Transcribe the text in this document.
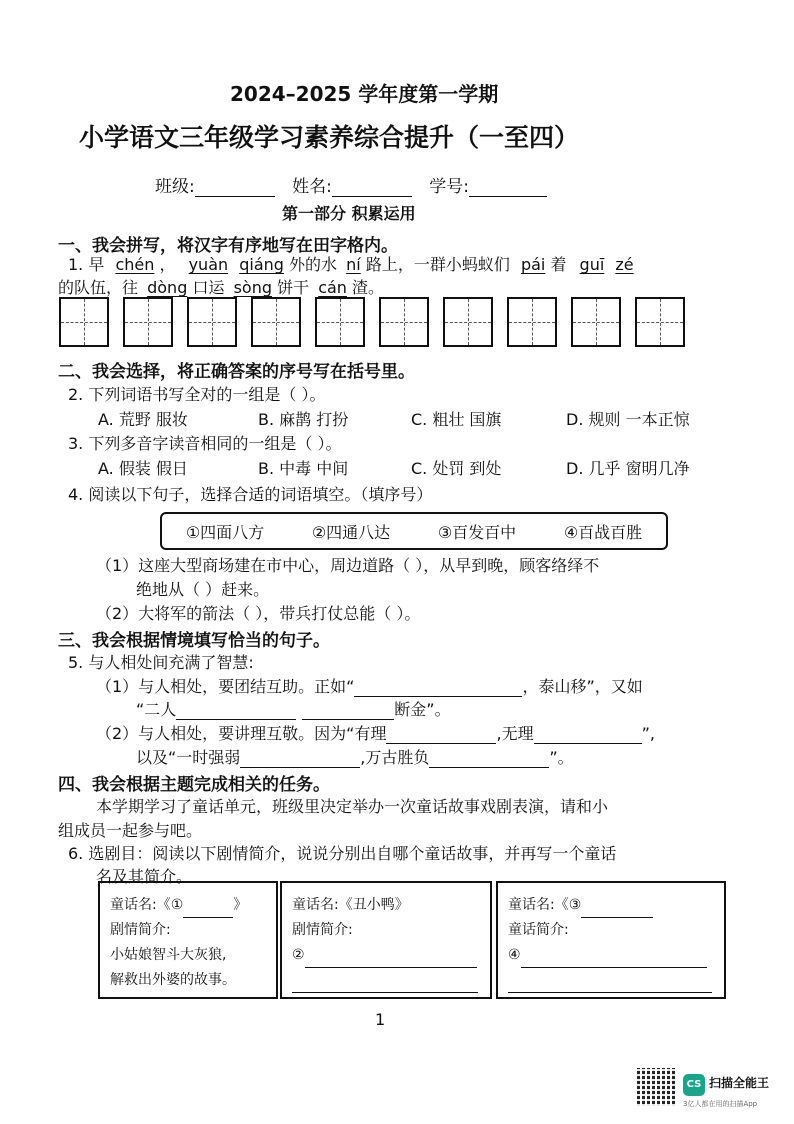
2024–2025 学年度第一学期
小学语文三年级学习素养综合提升（一至四）
班级:	姓名:	学号:
第一部分 积累运用
一、我会拼写，将汉字有序地写在田字格内。
1. 早 chén ， yuàn qiáng 外的水 ní 路上，一群小蚂蚁们 pái 着 guī zé
的队伍，往 dòng 口运 sòng 饼干 cán 渣。
二、我会选择，将正确答案的序号写在括号里。
2. 下列词语书写全对的一组是（ ）。
A. 荒野 服妆	B. 麻鹊 打扮	C. 粗壮 国旗	D. 规则 一本正惊
3. 下列多音字读音相同的一组是（ ）。
A. 假装 假日	B. 中毒 中间	C. 处罚 到处	D. 几乎 窗明几净
4. 阅读以下句子，选择合适的词语填空。（填序号）
①四面八方	②四通八达	③百发百中	④百战百胜
（1）这座大型商场建在市中心，周边道路（ ），从早到晚，顾客络绎不
绝地从（ ）赶来。
（2）大将军的箭法（ ），带兵打仗总能（ ）。
三、我会根据情境填写恰当的句子。
5. 与人相处间充满了智慧:
（1）与人相处，要团结互助。正如“	，泰山移”，又如
“二人	断金”。
（2）与人相处，要讲理互敬。因为“有理	,无理	”,
以及“一时强弱	,万古胜负	”。
四、我会根据主题完成相关的任务。
本学期学习了童话单元，班级里决定举办一次童话故事戏剧表演，请和小
组成员一起参与吧。
6. 选剧目：阅读以下剧情简介，说说分别出自哪个童话故事，并再写一个童话
名及其简介。
童话名:《①	》
剧情简介:
小姑娘智斗大灰狼,
解救出外婆的故事。
童话名:《丑小鸭》
剧情简介:
②
童话名:《③
童话简介:
④
1
CS 扫描全能王
3亿人都在用的扫描App
